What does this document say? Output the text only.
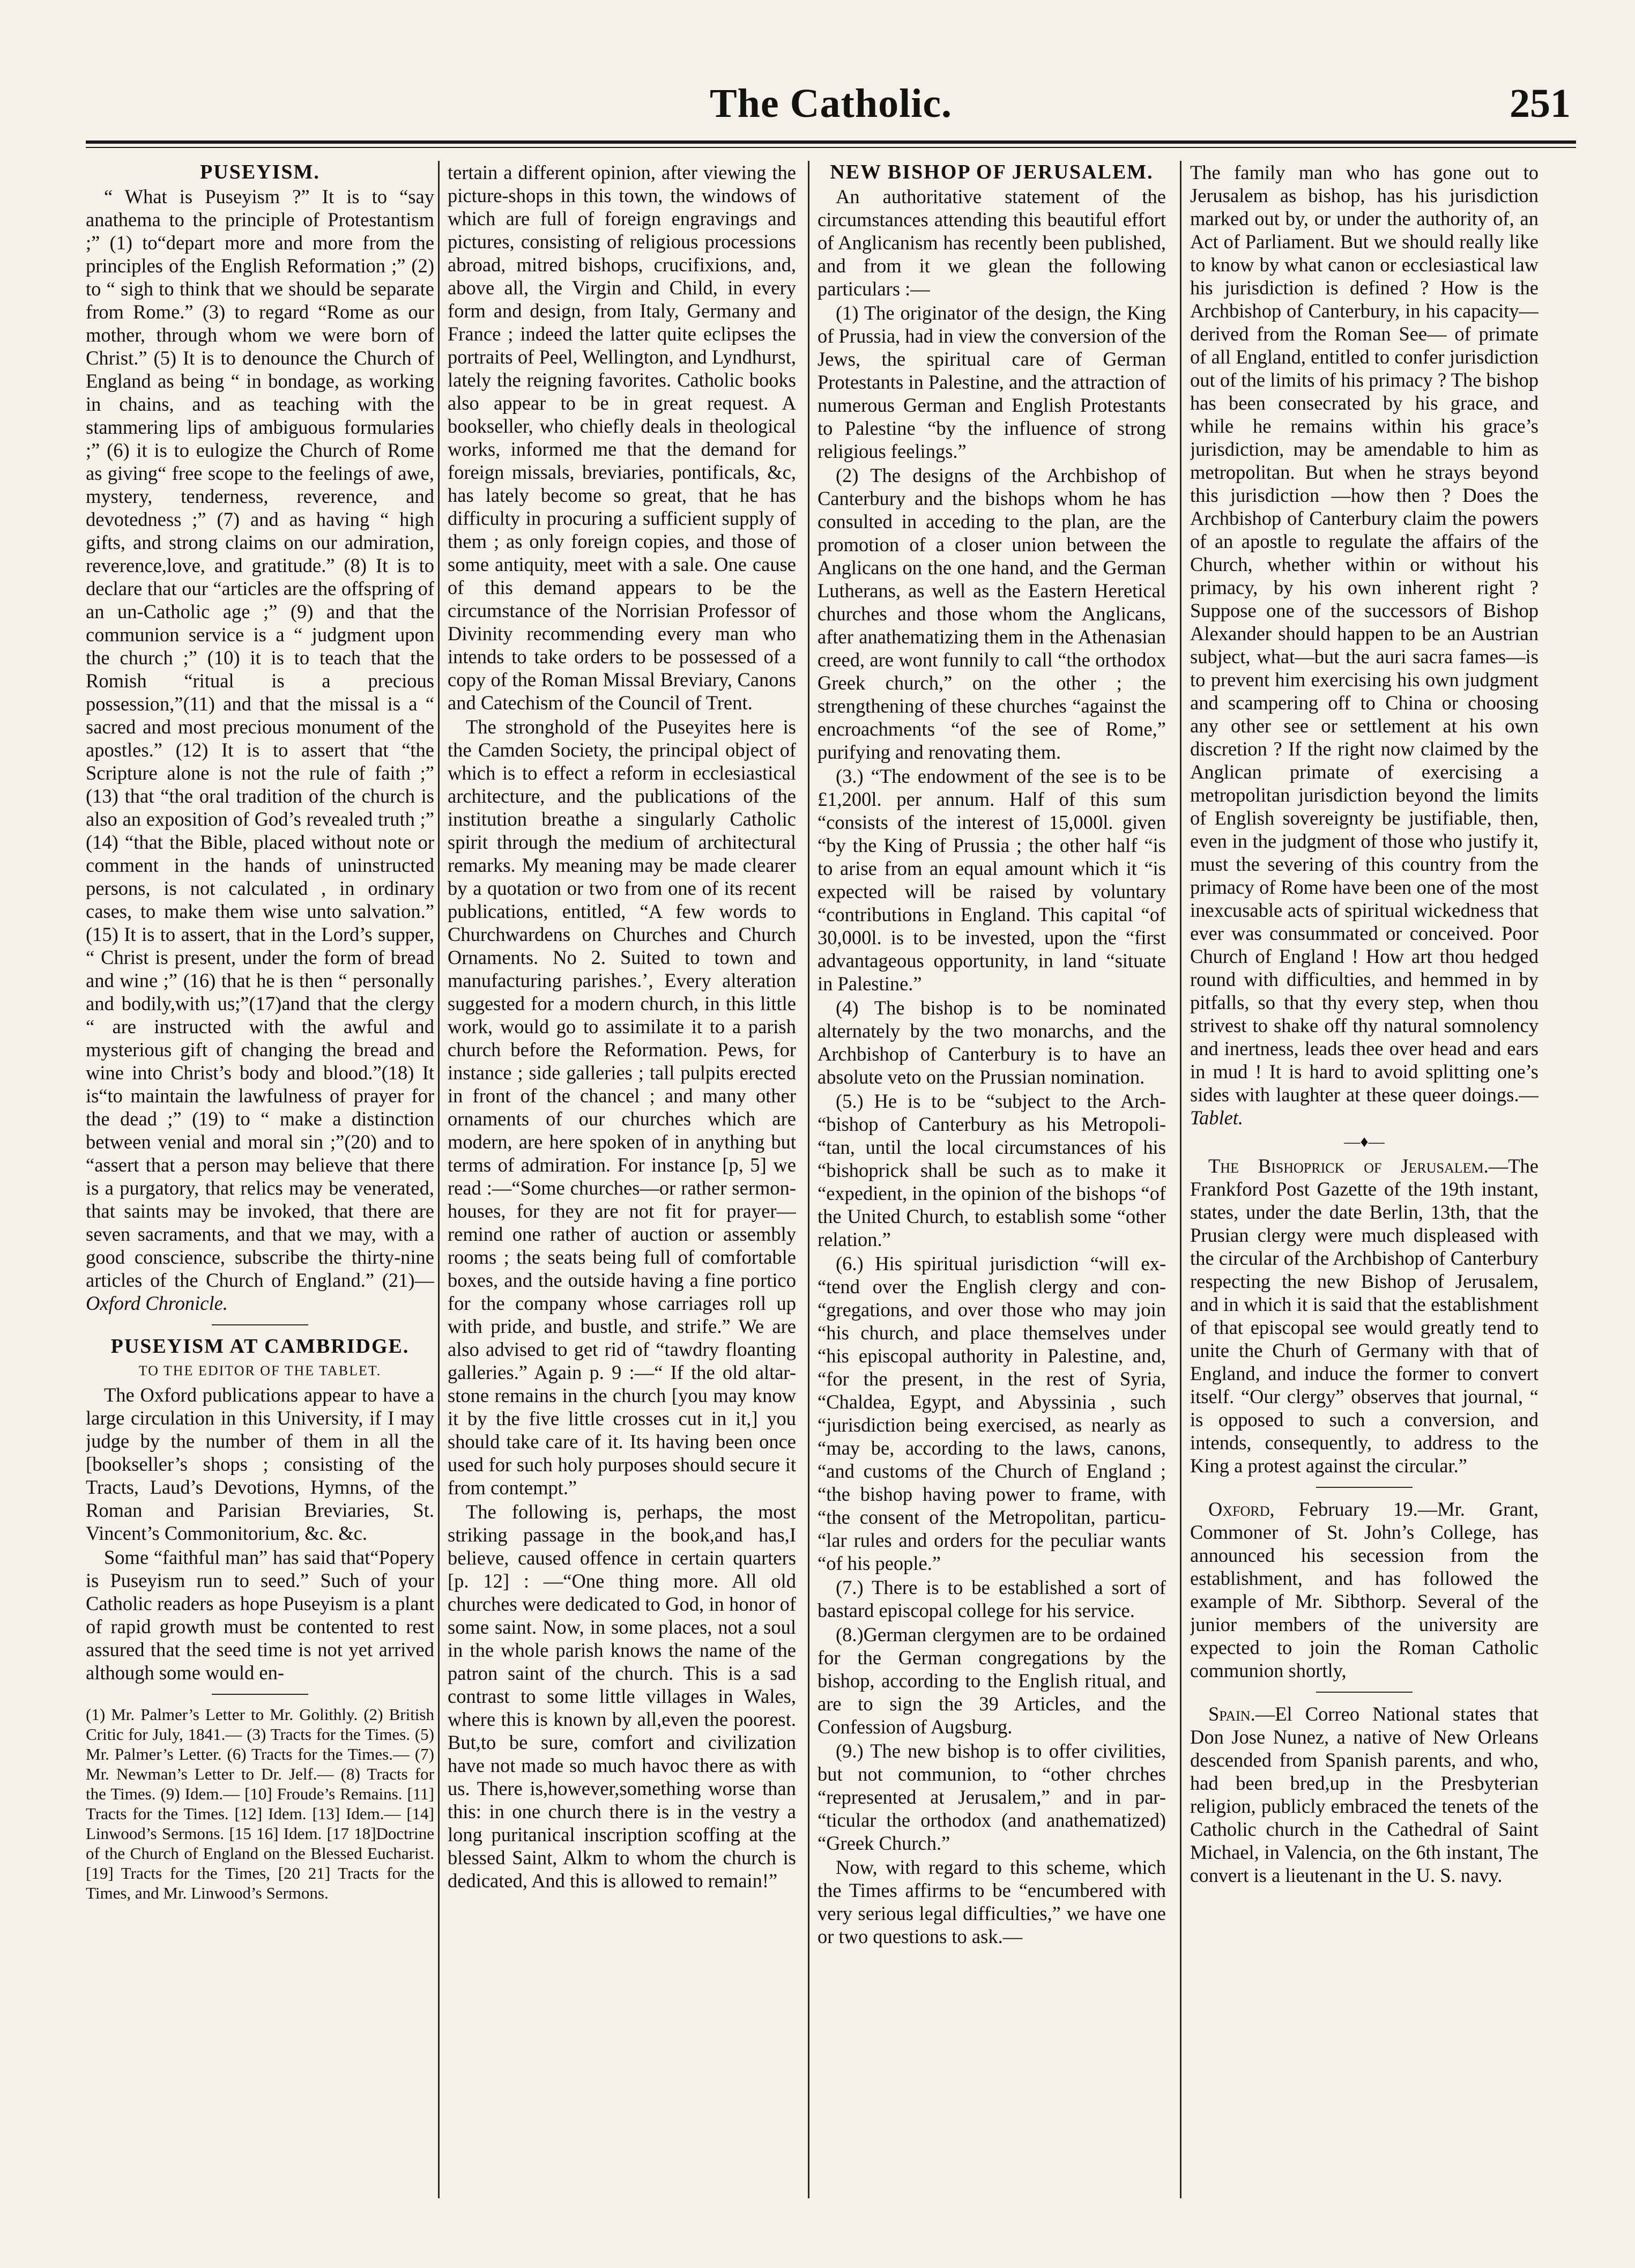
The Catholic.	251

PUSEYISM.

“ What is Puseyism ?” It is to “say anathema to the principle of Protestantism ;” (1) to“depart more and more from the principles of the English Reformation ;” (2) to “ sigh to think that we should be separate from Rome.” (3) to regard “Rome as our mother, through whom we were born of Christ.” (5) It is to denounce the Church of England as being “ in bondage, as working in chains, and as teaching with the stammering lips of ambiguous formularies ;” (6) it is to eulogize the Church of Rome as giving“ free scope to the feelings of awe, mystery, tenderness, reverence, and devotedness ;” (7) and as having “ high gifts, and strong claims on our admiration, reverence,love, and gratitude.” (8) It is to declare that our “articles are the offspring of an un-Catholic age ;” (9) and that the communion service is a “ judgment upon the church ;” (10) it is to teach that the Romish “ritual is a precious possession,”(11) and that the missal is a “ sacred and most precious monument of the apostles.” (12) It is to assert that “the Scripture alone is not the rule of faith ;” (13) that “the oral tradition of the church is also an exposition of God’s revealed truth ;” (14) “that the Bible, placed without note or comment in the hands of uninstructed persons, is not calculated , in ordinary cases, to make them wise unto salvation.” (15) It is to assert, that in the Lord’s supper, “ Christ is present, under the form of bread and wine ;” (16) that he is then “ personally and bodily,with us;”(17)and that the clergy “ are instructed with the awful and mysterious gift of changing the bread and wine into Christ’s body and blood.”(18) It is“to maintain the lawfulness of prayer for the dead ;” (19) to “ make a distinction between venial and moral sin ;”(20) and to “assert that a person may believe that there is a purgatory, that relics may be venerated, that saints may be invoked, that there are seven sacraments, and that we may, with a good conscience, subscribe the thirty-nine articles of the Church of England.” (21)—Oxford Chronicle.

PUSEYISM AT CAMBRIDGE.

TO THE EDITOR OF THE TABLET.

The Oxford publications appear to have a large circulation in this University, if I may judge by the number of them in all the [bookseller’s shops ; consisting of the Tracts, Laud’s Devotions, Hymns, of the Roman and Parisian Breviaries, St. Vincent’s Commonitorium, &c. &c.

Some “faithful man” has said that“Popery is Puseyism run to seed.” Such of your Catholic readers as hope Puseyism is a plant of rapid growth must be contented to rest assured that the seed time is not yet arrived although some would en-

(1) Mr. Palmer’s Letter to Mr. Golithly. (2) British Critic for July, 1841.— (3) Tracts for the Times. (5) Mr. Palmer’s Letter. (6) Tracts for the Times.— (7) Mr. Newman’s Letter to Dr. Jelf.— (8) Tracts for the Times. (9) Idem.— [10] Froude’s Remains. [11] Tracts for the Times. [12] Idem. [13] Idem.— [14] Linwood’s Sermons. [15 16] Idem. [17 18]Doctrine of the Church of England on the Blessed Eucharist. [19] Tracts for the Times, [20 21] Tracts for the Times, and Mr. Linwood’s Sermons.

tertain a different opinion, after viewing the picture-shops in this town, the windows of which are full of foreign engravings and pictures, consisting of religious processions abroad, mitred bishops, crucifixions, and, above all, the Virgin and Child, in every form and design, from Italy, Germany and France ; indeed the latter quite eclipses the portraits of Peel, Wellington, and Lyndhurst, lately the reigning favorites. Catholic books also appear to be in great request. A bookseller, who chiefly deals in theological works, informed me that the demand for foreign missals, breviaries, pontificals, &c, has lately become so great, that he has difficulty in procuring a sufficient supply of them ; as only foreign copies, and those of some antiquity, meet with a sale. One cause of this demand appears to be the circumstance of the Norrisian Professor of Divinity recommending every man who intends to take orders to be possessed of a copy of the Roman Missal Breviary, Canons and Catechism of the Council of Trent.

The stronghold of the Puseyites here is the Camden Society, the principal object of which is to effect a reform in ecclesiastical architecture, and the publications of the institution breathe a singularly Catholic spirit through the medium of architectural remarks. My meaning may be made clearer by a quotation or two from one of its recent publications, entitled, “A few words to Churchwardens on Churches and Church Ornaments. No 2. Suited to town and manufacturing parishes.’, Every alteration suggested for a modern church, in this little work, would go to assimilate it to a parish church before the Reformation. Pews, for instance ; side galleries ; tall pulpits erected in front of the chancel ; and many other ornaments of our churches which are modern, are here spoken of in anything but terms of admiration. For instance [p, 5] we read :—“Some churches—or rather sermon-houses, for they are not fit for prayer—remind one rather of auction or assembly rooms ; the seats being full of comfortable boxes, and the outside having a fine portico for the company whose carriages roll up with pride, and bustle, and strife.” We are also advised to get rid of “tawdry floanting galleries.” Again p. 9 :—“ If the old altar-stone remains in the church [you may know it by the five little crosses cut in it,] you should take care of it. Its having been once used for such holy purposes should secure it from contempt.”

The following is, perhaps, the most striking passage in the book,and has,I believe, caused offence in certain quarters [p. 12] : —“One thing more. All old churches were dedicated to God, in honor of some saint. Now, in some places, not a soul in the whole parish knows the name of the patron saint of the church. This is a sad contrast to some little villages in Wales, where this is known by all,even the poorest. But,to be sure, comfort and civilization have not made so much havoc there as with us. There is,however,something worse than this: in one church there is in the vestry a long puritanical inscription scoffing at the blessed Saint, Alkm to whom the church is dedicated, And this is allowed to remain!”

NEW BISHOP OF JERUSALEM.

An authoritative statement of the circumstances attending this beautiful effort of Anglicanism has recently been published, and from it we glean the following particulars :—

(1) The originator of the design, the King of Prussia, had in view the conversion of the Jews, the spiritual care of German Protestants in Palestine, and the attraction of numerous German and English Protestants to Palestine “by the influence of strong religious feelings.”

(2) The designs of the Archbishop of Canterbury and the bishops whom he has consulted in acceding to the plan, are the promotion of a closer union between the Anglicans on the one hand, and the German Lutherans, as well as the Eastern Heretical churches and those whom the Anglicans, after anathematizing them in the Athenasian creed, are wont funnily to call “the orthodox Greek church,” on the other ; the strengthening of these churches “against the encroachments “of the see of Rome,” purifying and renovating them.

(3.) “The endowment of the see is to be £1,200l. per annum. Half of this sum “consists of the interest of 15,000l. given “by the King of Prussia ; the other half “is to arise from an equal amount which it “is expected will be raised by voluntary “contributions in England. This capital “of 30,000l. is to be invested, upon the “first advantageous opportunity, in land “situate in Palestine.”

(4) The bishop is to be nominated alternately by the two monarchs, and the Archbishop of Canterbury is to have an absolute veto on the Prussian nomination.

(5.) He is to be “subject to the Arch- “bishop of Canterbury as his Metropoli- “tan, until the local circumstances of his “bishoprick shall be such as to make it “expedient, in the opinion of the bishops “of the United Church, to establish some “other relation.”

(6.) His spiritual jurisdiction “will ex- “tend over the English clergy and con- “gregations, and over those who may join “his church, and place themselves under “his episcopal authority in Palestine, and, “for the present, in the rest of Syria, “Chaldea, Egypt, and Abyssinia , such “jurisdiction being exercised, as nearly as “may be, according to the laws, canons, “and customs of the Church of England ; “the bishop having power to frame, with “the consent of the Metropolitan, particu- “lar rules and orders for the peculiar wants “of his people.”

(7.) There is to be established a sort of bastard episcopal college for his service.

(8.)German clergymen are to be ordained for the German congregations by the bishop, according to the English ritual, and are to sign the 39 Articles, and the Confession of Augsburg.

(9.) The new bishop is to offer civilities, but not communion, to “other chrches “represented at Jerusalem,” and in par- “ticular the orthodox (and anathematized) “Greek Church.”

Now, with regard to this scheme, which the Times affirms to be “encumbered with very serious legal difficulties,” we have one or two questions to ask.—

The family man who has gone out to Jerusalem as bishop, has his jurisdiction marked out by, or under the authority of, an Act of Parliament. But we should really like to know by what canon or ecclesiastical law his jurisdiction is defined ? How is the Archbishop of Canterbury, in his capacity—derived from the Roman See— of primate of all England, entitled to confer jurisdiction out of the limits of his primacy ? The bishop has been consecrated by his grace, and while he remains within his grace’s jurisdiction, may be amendable to him as metropolitan. But when he strays beyond this jurisdiction —how then ? Does the Archbishop of Canterbury claim the powers of an apostle to regulate the affairs of the Church, whether within or without his primacy, by his own inherent right ? Suppose one of the successors of Bishop Alexander should happen to be an Austrian subject, what—but the auri sacra fames—is to prevent him exercising his own judgment and scampering off to China or choosing any other see or settlement at his own discretion ? If the right now claimed by the Anglican primate of exercising a metropolitan jurisdiction beyond the limits of English sovereignty be justifiable, then, even in the judgment of those who justify it, must the severing of this country from the primacy of Rome have been one of the most inexcusable acts of spiritual wickedness that ever was consummated or conceived. Poor Church of England ! How art thou hedged round with difficulties, and hemmed in by pitfalls, so that thy every step, when thou strivest to shake off thy natural somnolency and inertness, leads thee over head and ears in mud ! It is hard to avoid splitting one’s sides with laughter at these queer doings.—Tablet.

—♦—

The Bishoprick of Jerusalem.—The Frankford Post Gazette of the 19th instant, states, under the date Berlin, 13th, that the Prusian clergy were much displeased with the circular of the Archbishop of Canterbury respecting the new Bishop of Jerusalem, and in which it is said that the establishment of that episcopal see would greatly tend to unite the Churh of Germany with that of England, and induce the former to convert itself. “Our clergy” observes that journal, “ is opposed to such a conversion, and intends, consequently, to address to the King a protest against the circular.”

Oxford, February 19.—Mr. Grant, Commoner of St. John’s College, has announced his secession from the establishment, and has followed the example of Mr. Sibthorp. Several of the junior members of the university are expected to join the Roman Catholic communion shortly,

Spain.—El Correo National states that Don Jose Nunez, a native of New Orleans descended from Spanish parents, and who, had been bred,up in the Presbyterian religion, publicly embraced the tenets of the Catholic church in the Cathedral of Saint Michael, in Valencia, on the 6th instant, The convert is a lieutenant in the U. S. navy.
